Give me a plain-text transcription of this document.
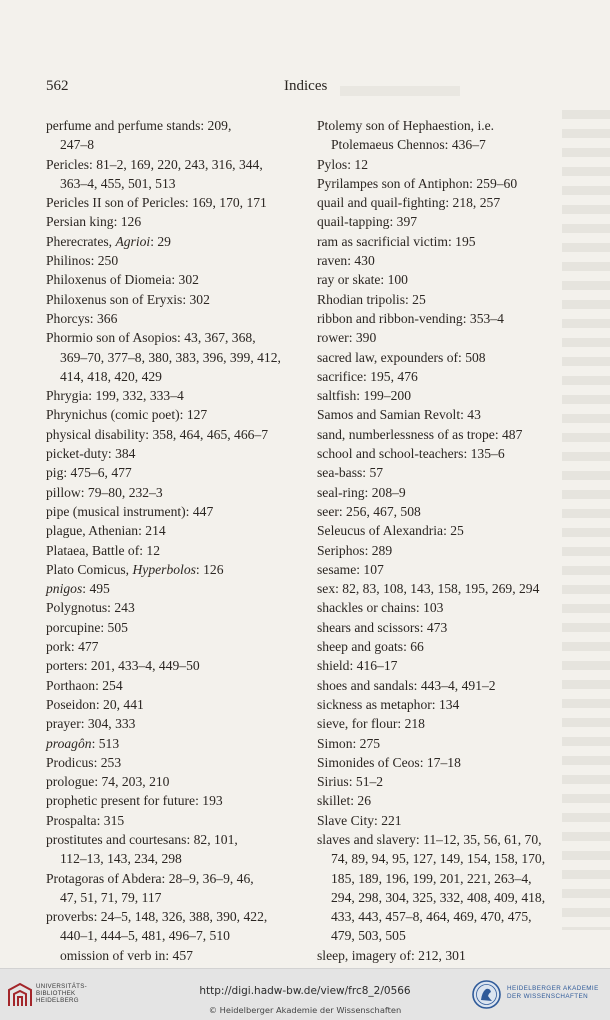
562	Indices

perfume and perfume stands: 209,
247–8

Pericles: 81–2, 169, 220, 243, 316, 344,
363–4, 455, 501, 513

Pericles II son of Pericles: 169, 170, 171

Persian king: 126

Pherecrates, Agrioi: 29

Philinos: 250

Philoxenus of Diomeia: 302

Philoxenus son of Eryxis: 302

Phorcys: 366

Phormio son of Asopios: 43, 367, 368,
369–70, 377–8, 380, 383, 396, 399, 412,
414, 418, 420, 429

Phrygia: 199, 332, 333–4

Phrynichus (comic poet): 127

physical disability: 358, 464, 465, 466–7

picket-duty: 384

pig: 475–6, 477

pillow: 79–80, 232–3

pipe (musical instrument): 447

plague, Athenian: 214

Plataea, Battle of: 12

Plato Comicus, Hyperbolos: 126

pnigos: 495

Polygnotus: 243

porcupine: 505

pork: 477

porters: 201, 433–4, 449–50

Porthaon: 254

Poseidon: 20, 441

prayer: 304, 333

proagôn: 513

Prodicus: 253

prologue: 74, 203, 210

prophetic present for future: 193

Prospalta: 315

prostitutes and courtesans: 82, 101,
112–13, 143, 234, 298

Protagoras of Abdera: 28–9, 36–9, 46,
47, 51, 71, 79, 117

proverbs: 24–5, 148, 326, 388, 390, 422,
440–1, 444–5, 481, 496–7, 510
omission of verb in: 457

Ptolemy son of Hephaestion, i.e.
Ptolemaeus Chennos: 436–7

Pylos: 12

Pyrilampes son of Antiphon: 259–60

quail and quail-fighting: 218, 257

quail-tapping: 397

ram as sacrificial victim: 195

raven: 430

ray or skate: 100

Rhodian tripolis: 25

ribbon and ribbon-vending: 353–4

rower: 390

sacred law, expounders of: 508

sacrifice: 195, 476

saltfish: 199–200

Samos and Samian Revolt: 43

sand, numberlessness of as trope: 487

school and school-teachers: 135–6

sea-bass: 57

seal-ring: 208–9

seer: 256, 467, 508

Seleucus of Alexandria: 25

Seriphos: 289

sesame: 107

sex: 82, 83, 108, 143, 158, 195, 269, 294

shackles or chains: 103

shears and scissors: 473

sheep and goats: 66

shield: 416–17

shoes and sandals: 443–4, 491–2

sickness as metaphor: 134

sieve, for flour: 218

Simon: 275

Simonides of Ceos: 17–18

Sirius: 51–2

skillet: 26

Slave City: 221

slaves and slavery: 11–12, 35, 56, 61, 70,
74, 89, 94, 95, 127, 149, 154, 158, 170,
185, 189, 196, 199, 201, 221, 263–4,
294, 298, 304, 325, 332, 408, 409, 418,
433, 443, 457–8, 464, 469, 470, 475,
479, 503, 505

sleep, imagery of: 212, 301

UNIVERSITÄTS-
BIBLIOTHEK
HEIDELBERG
http://digi.hadw-bw.de/view/frc8_2/0566
© Heidelberger Akademie der Wissenschaften
HEIDELBERGER AKADEMIE
DER WISSENSCHAFTEN
